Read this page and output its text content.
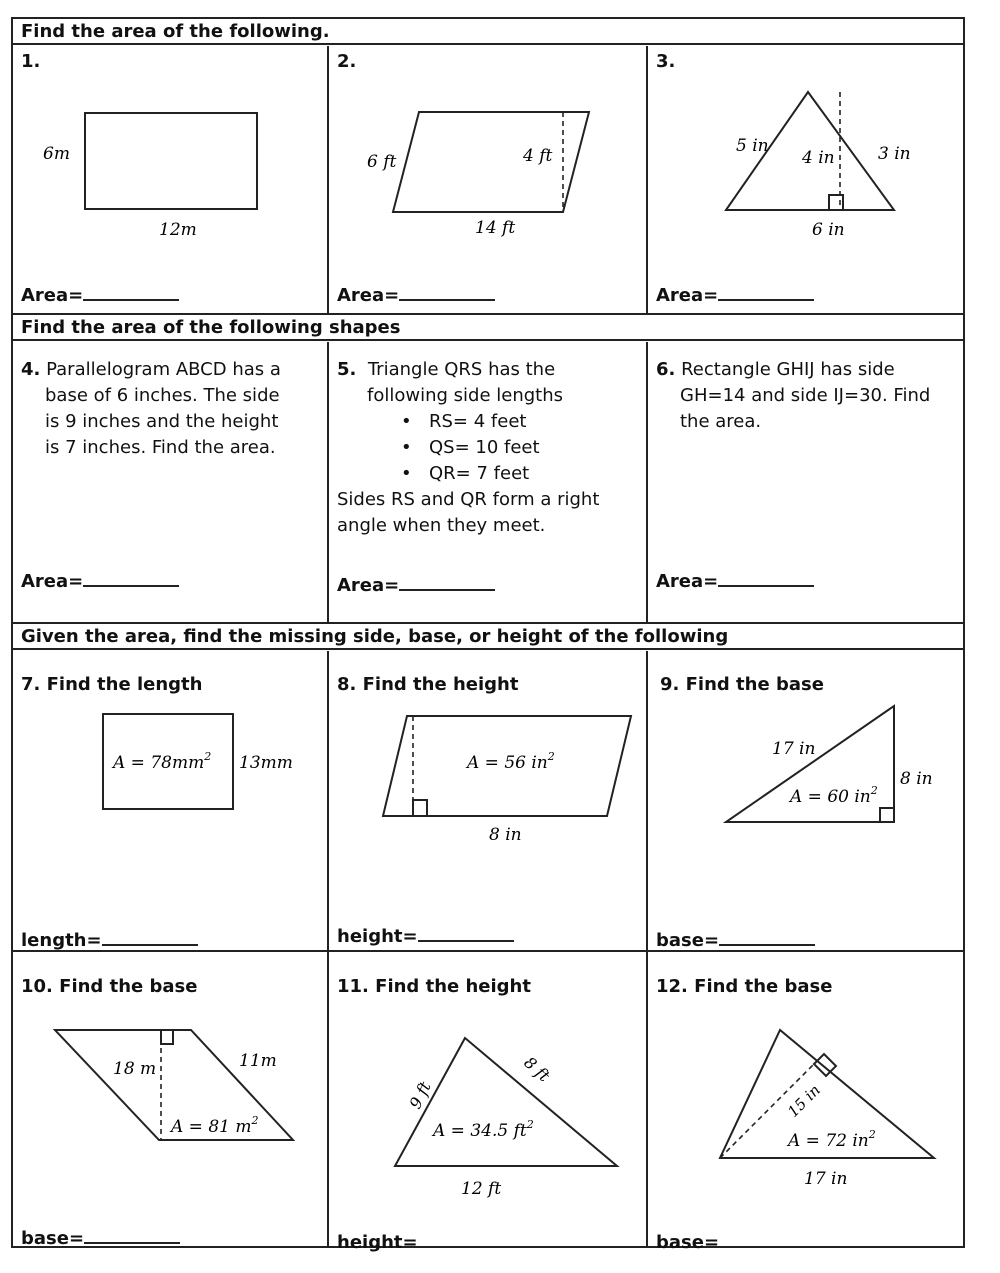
Find the area of the following.
Find the area of the following shapes
Given the area, find the missing side, base, or height of the following
1.
6m
12m
Area=
2.
6 ft	4 ft
14 ft
Area=
3.
5 in
4 in	3 in
6 in
Area=
4. Parallelogram ABCD has a
base of 6 inches. The side
is 9 inches and the height
is 7 inches. Find the area.
Area=
5. Triangle QRS has the
following side lengths
• RS= 4 feet
• QS= 10 feet
• QR= 7 feet
Sides RS and QR form a right
angle when they meet.
Area=
6. Rectangle GHIJ has side
GH=14 and side IJ=30. Find
the area.
Area=
7. Find the length
$A = 78mm^2$ 13mm
length=
8. Find the height
A = 56 $in^2$
8 in
height=
9. Find the base
17 in
8 in
A = 60 $in^2$
base=
10. Find the base
18 m	11m
A = 81 $m^2$
base=
11. Find the height
9 ft
8 ft
A = 34.5 $ft^2$
12 ft
height=
12. Find the base
15 in
A = 72 $in^2$
17 in
base=
